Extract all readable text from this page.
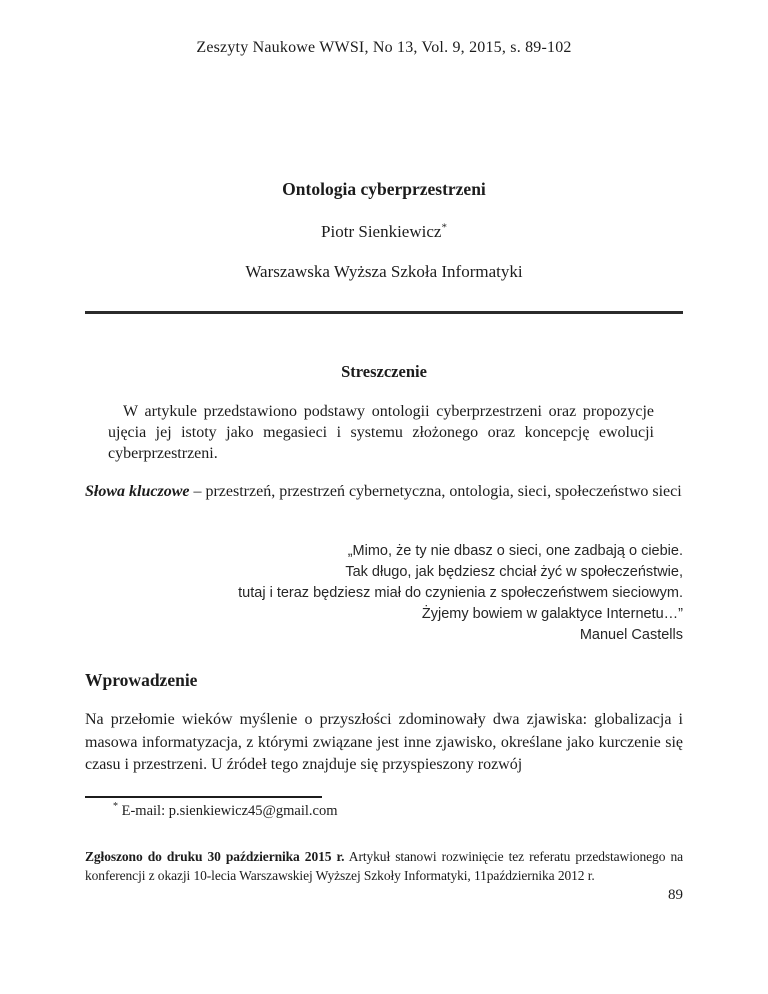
Zeszyty Naukowe WWSI, No 13, Vol. 9, 2015, s. 89-102
Ontologia cyberprzestrzeni
Piotr Sienkiewicz*
Warszawska Wyższa Szkoła Informatyki
Streszczenie

W artykule przedstawiono podstawy ontologii cyberprzestrzeni oraz propozycje ujęcia jej istoty jako megasieci i systemu złożonego oraz koncepcję ewolucji cyberprzestrzeni.

Słowa kluczowe – przestrzeń, przestrzeń cybernetyczna, ontologia, sieci, społeczeństwo sieci

„Mimo, że ty nie dbasz o sieci, one zadbają o ciebie.
Tak długo, jak będziesz chciał żyć w społeczeństwie,
tutaj i teraz będziesz miał do czynienia z społeczeństwem sieciowym.
Żyjemy bowiem w galaktyce Internetu…”
Manuel Castells
Wprowadzenie

Na przełomie wieków myślenie o przyszłości zdominowały dwa zjawiska: globalizacja i masowa informatyzacja, z którymi związane jest inne zjawisko, określane jako kurczenie się czasu i przestrzeni. U źródeł tego znajduje się przyspieszony rozwój

* E-mail: p.sienkiewicz45@gmail.com

Zgłoszono do druku 30 października 2015 r. Artykuł stanowi rozwinięcie tez referatu przedstawionego na konferencji z okazji 10-lecia Warszawskiej Wyższej Szkoły Informatyki, 11października 2012 r.

89
